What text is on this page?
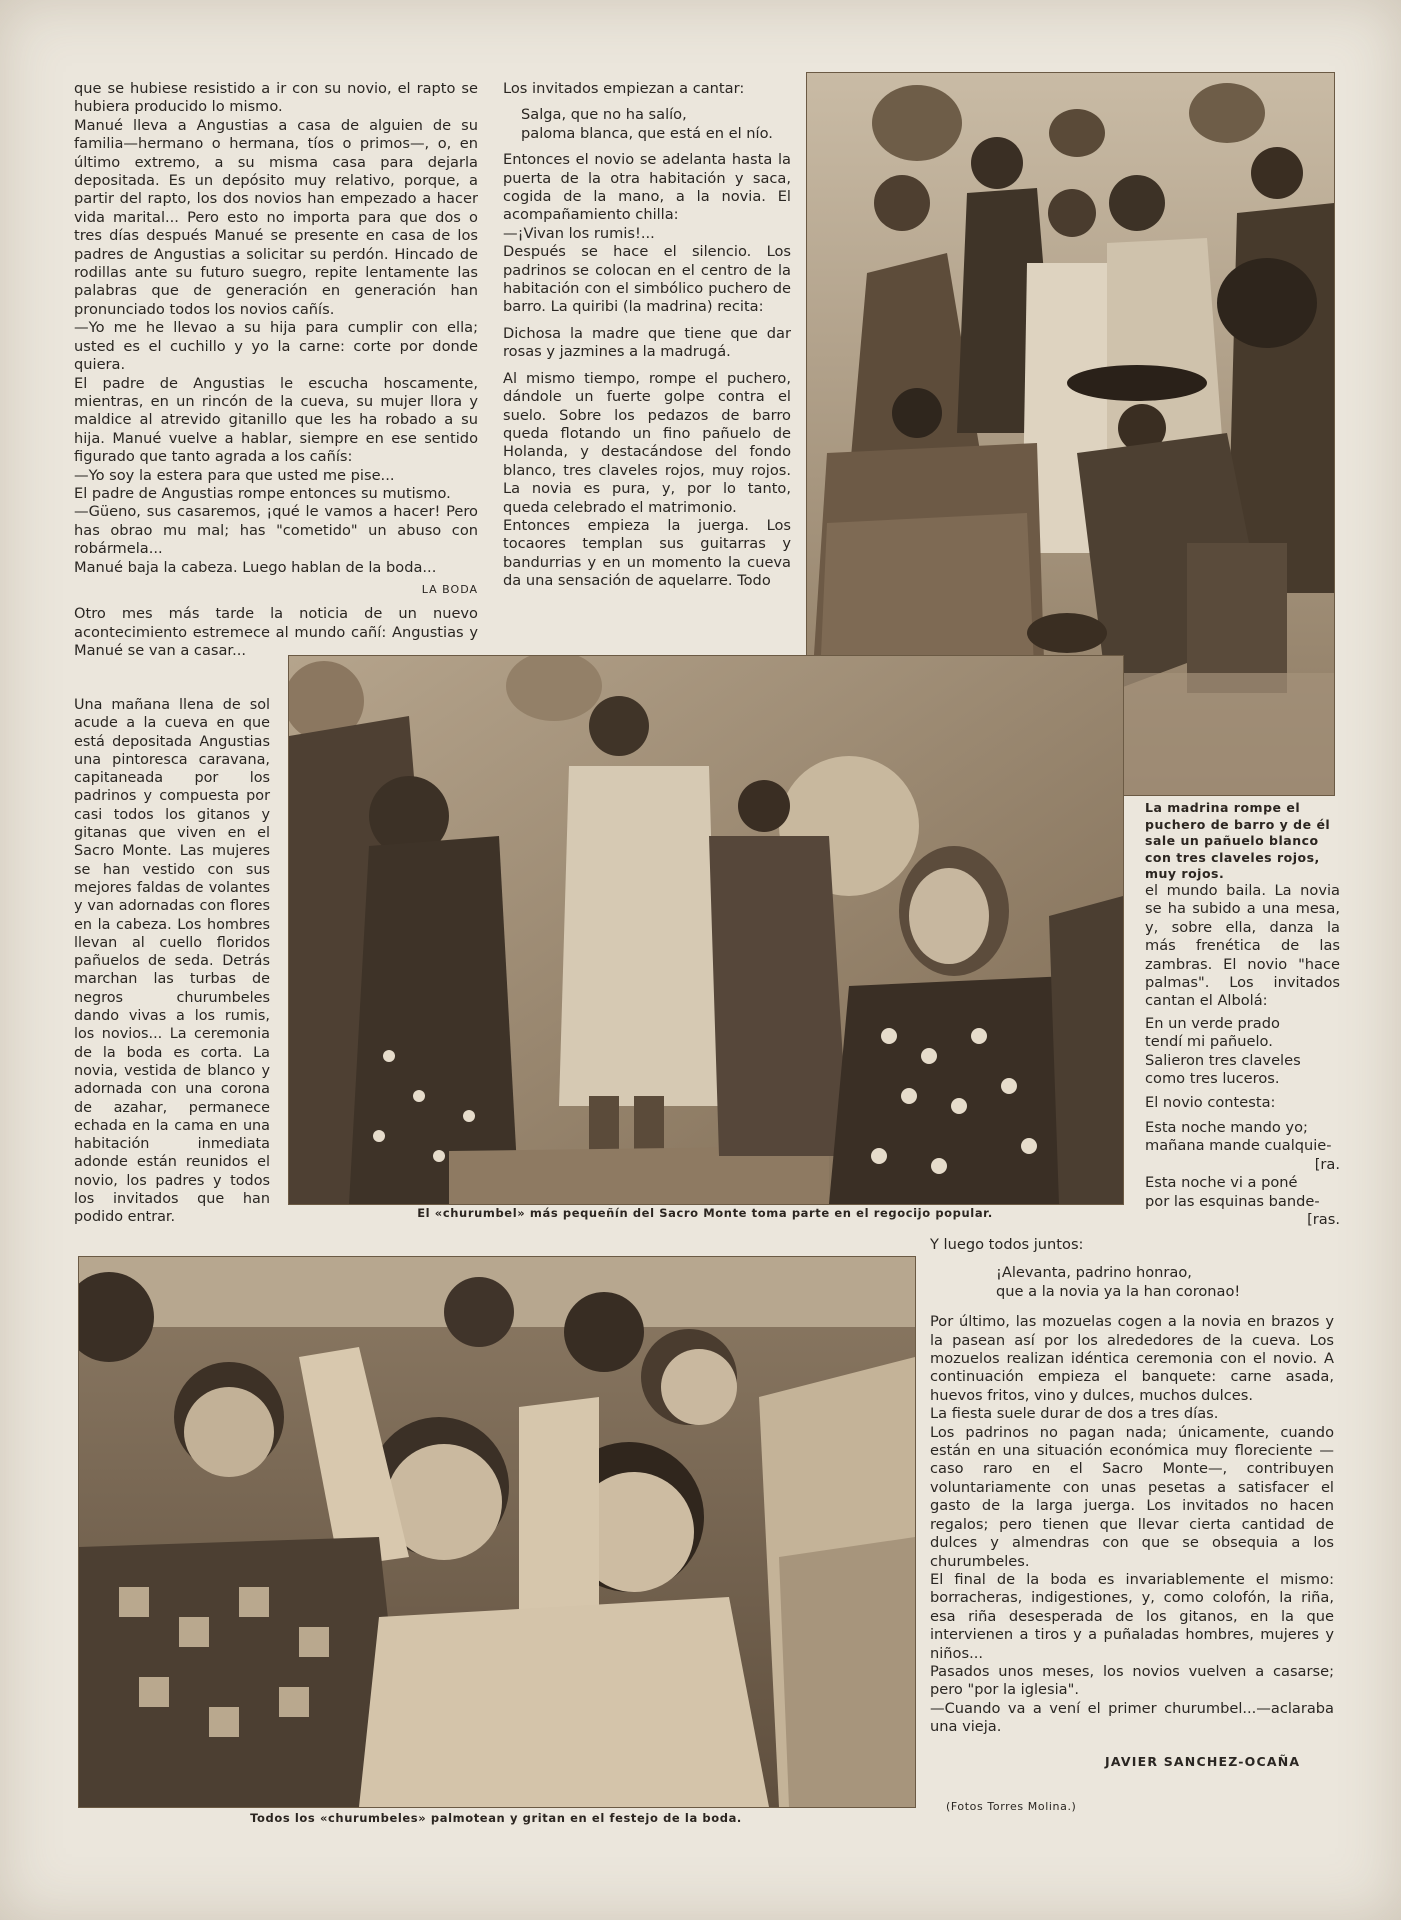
que se hubiese resistido a ir con su novio, el rapto se hubiera producido lo mismo.

Manué lleva a Angustias a casa de alguien de su familia—hermano o hermana, tíos o primos—, o, en último extremo, a su misma casa para dejarla depositada. Es un depósito muy relativo, porque, a partir del rapto, los dos novios han empezado a hacer vida marital... Pero esto no importa para que dos o tres días después Manué se presente en casa de los padres de Angustias a solicitar su perdón. Hincado de rodillas ante su futuro suegro, repite lentamente las palabras que de generación en generación han pronunciado todos los novios cañís.

—Yo me he llevao a su hija para cumplir con ella; usted es el cuchillo y yo la carne: corte por donde quiera.

El padre de Angustias le escucha hoscamente, mientras, en un rincón de la cueva, su mujer llora y maldice al atrevido gitanillo que les ha robado a su hija. Manué vuelve a hablar, siempre en ese sentido figurado que tanto agrada a los cañís:

—Yo soy la estera para que usted me pise...

El padre de Angustias rompe entonces su mutismo.

—Güeno, sus casaremos, ¡qué le vamos a hacer! Pero has obrao mu mal; has "cometido" un abuso con robármela...

Manué baja la cabeza. Luego hablan de la boda...

LA BODA

Otro mes más tarde la noticia de un nuevo acontecimiento estremece al mundo cañí: Angustias y Manué se van a casar...

Una mañana llena de sol acude a la cueva en que está depositada Angustias una pintoresca caravana, capitaneada por los padrinos y compuesta por casi todos los gitanos y gitanas que viven en el Sacro Monte. Las mujeres se han vestido con sus mejores faldas de volantes y van adornadas con flores en la cabeza. Los hombres llevan al cuello floridos pañuelos de seda. Detrás marchan las turbas de negros churumbeles dando vivas a los rumis, los novios... La ceremonia de la boda es corta. La novia, vestida de blanco y adornada con una corona de azahar, permanece echada en la cama en una habitación inmediata adonde están reunidos el novio, los padres y todos los invitados que han podido entrar.

Los invitados empiezan a cantar:

Salga, que no ha salío,
paloma blanca, que está en el nío.

Entonces el novio se adelanta hasta la puerta de la otra habitación y saca, cogida de la mano, a la novia. El acompañamiento chilla:

—¡Vivan los rumis!...

Después se hace el silencio. Los padrinos se colocan en el centro de la habitación con el simbólico puchero de barro. La quiribi (la madrina) recita:

Dichosa la madre que tiene que dar rosas y jazmines a la madrugá.

Al mismo tiempo, rompe el puchero, dándole un fuerte golpe contra el suelo. Sobre los pedazos de barro queda flotando un fino pañuelo de Holanda, y destacándose del fondo blanco, tres claveles rojos, muy rojos. La novia es pura, y, por lo tanto, queda celebrado el matrimonio.

Entonces empieza la juerga. Los tocaores templan sus guitarras y bandurrias y en un momento la cueva da una sensación de aquelarre. Todo

La madrina rompe el puchero de barro y de él sale un pañuelo blanco con tres claveles rojos, muy rojos.

el mundo baila. La novia se ha subido a una mesa, y, sobre ella, danza la más frenética de las zambras. El novio "hace palmas". Los invitados cantan el Albolá:

En un verde prado
tendí mi pañuelo.
Salieron tres claveles
como tres luceros.

El novio contesta:

Esta noche mando yo;
mañana mande cualquie-
[ra.
Esta noche vi a poné
por las esquinas bande-
[ras.
El «churumbel» más pequeñín del Sacro Monte toma parte en el regocijo popular.

Y luego todos juntos:

¡Alevanta, padrino honrao,
que a la novia ya la han coronao!

Por último, las mozuelas cogen a la novia en brazos y la pasean así por los alrededores de la cueva. Los mozuelos realizan idéntica ceremonia con el novio. A continuación empieza el banquete: carne asada, huevos fritos, vino y dulces, muchos dulces.

La fiesta suele durar de dos a tres días.

Los padrinos no pagan nada; únicamente, cuando están en una situación económica muy floreciente —caso raro en el Sacro Monte—, contribuyen voluntariamente con unas pesetas a satisfacer el gasto de la larga juerga. Los invitados no hacen regalos; pero tienen que llevar cierta cantidad de dulces y almendras con que se obsequia a los churumbeles.

El final de la boda es invariablemente el mismo: borracheras, indigestiones, y, como colofón, la riña, esa riña desesperada de los gitanos, en la que intervienen a tiros y a puñaladas hombres, mujeres y niños...

Pasados unos meses, los novios vuelven a casarse; pero "por la iglesia".

—Cuando va a vení el primer churumbel...—aclaraba una vieja.

JAVIER SANCHEZ-OCAÑA
Todos los «churumbeles» palmotean y gritan en el festejo de la boda.
(Fotos Torres Molina.)
